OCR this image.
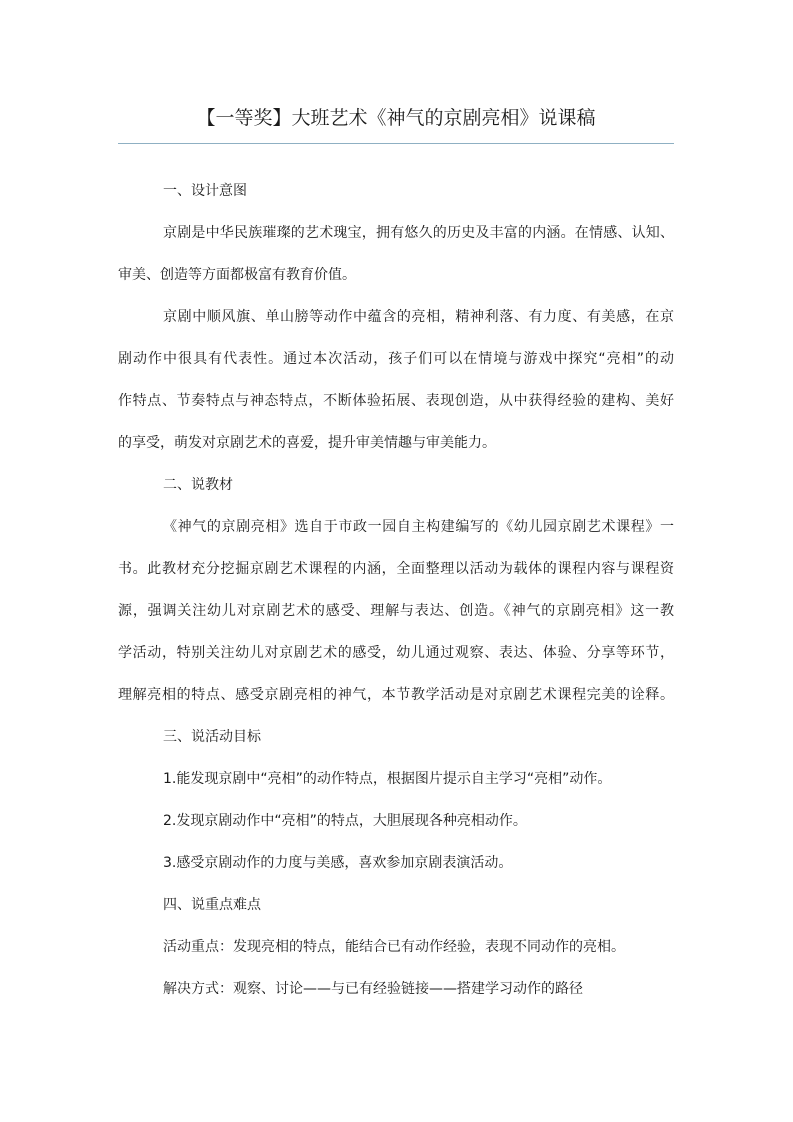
【一等奖】大班艺术《神气的京剧亮相》说课稿
一、设计意图
京剧是中华民族璀璨的艺术瑰宝，拥有悠久的历史及丰富的内涵。在情感、认知、
审美、创造等方面都极富有教育价值。
京剧中顺风旗、单山膀等动作中蕴含的亮相，精神利落、有力度、有美感，在京
剧动作中很具有代表性。通过本次活动，孩子们可以在情境与游戏中探究“亮相”的动
作特点、节奏特点与神态特点，不断体验拓展、表现创造，从中获得经验的建构、美好
的享受，萌发对京剧艺术的喜爱，提升审美情趣与审美能力。
二、说教材
《神气的京剧亮相》选自于市政一园自主构建编写的《幼儿园京剧艺术课程》一
书。此教材充分挖掘京剧艺术课程的内涵，全面整理以活动为载体的课程内容与课程资
源，强调关注幼儿对京剧艺术的感受、理解与表达、创造。《神气的京剧亮相》这一教
学活动，特别关注幼儿对京剧艺术的感受，幼儿通过观察、表达、体验、分享等环节，
理解亮相的特点、感受京剧亮相的神气，本节教学活动是对京剧艺术课程完美的诠释。
三、说活动目标
1.能发现京剧中“亮相”的动作特点，根据图片提示自主学习“亮相”动作。
2.发现京剧动作中“亮相”的特点，大胆展现各种亮相动作。
3.感受京剧动作的力度与美感，喜欢参加京剧表演活动。
四、说重点难点
活动重点：发现亮相的特点，能结合已有动作经验，表现不同动作的亮相。
解决方式：观察、讨论——与已有经验链接——搭建学习动作的路径
